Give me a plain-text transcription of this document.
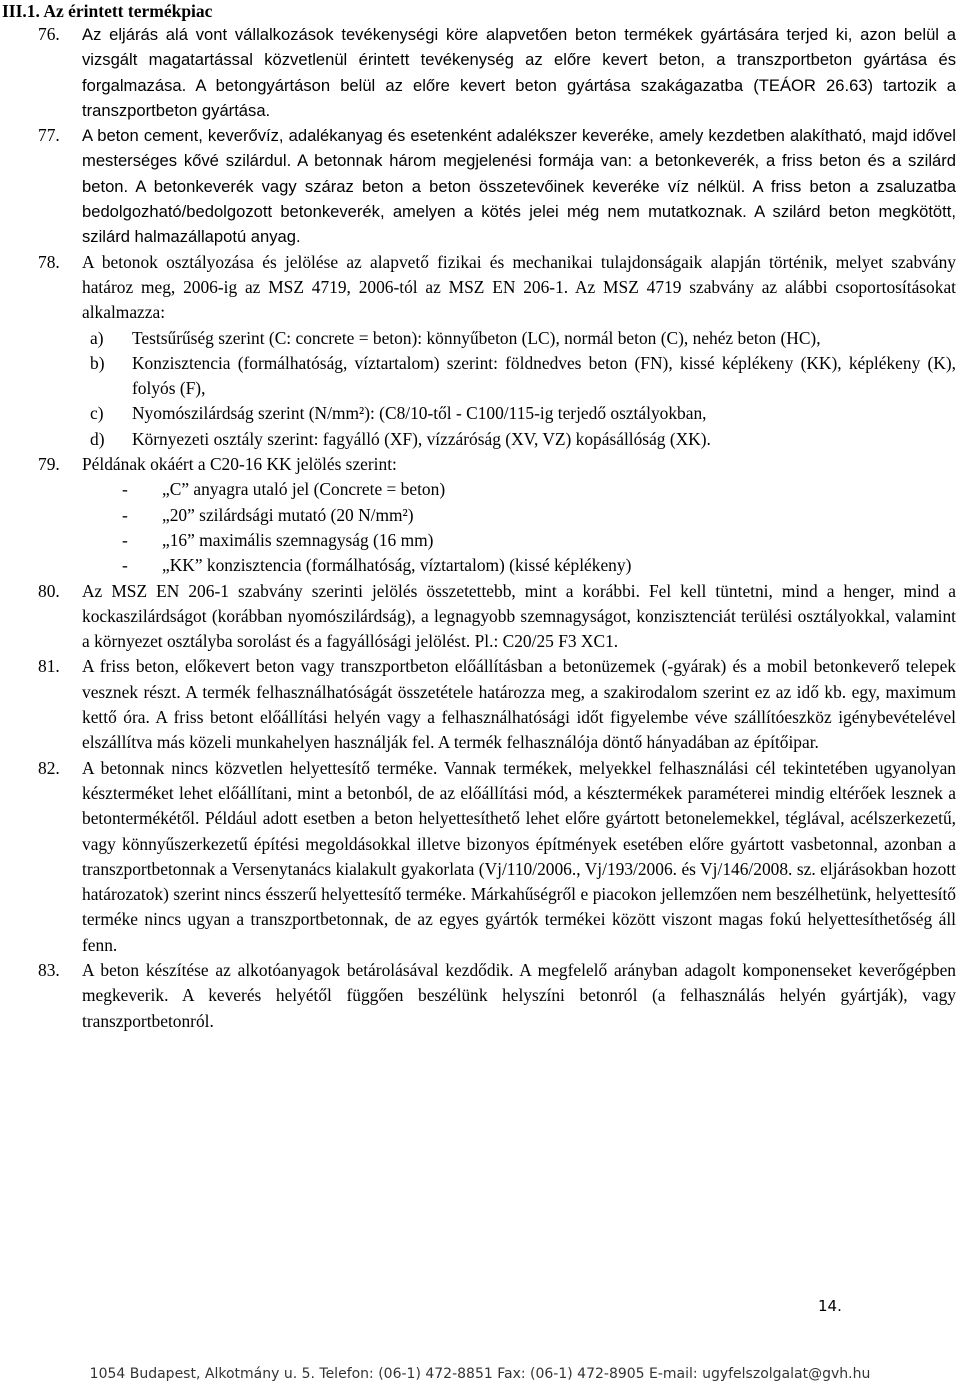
III.1. Az érintett termékpiac
76.	Az eljárás alá vont vállalkozások tevékenységi köre alapvetően beton termékek gyártására terjed ki, azon belül a vizsgált magatartással közvetlenül érintett tevékenység az előre kevert beton, a transzportbeton gyártása és forgalmazása. A betongyártáson belül az előre kevert beton gyártása szakágazatba (TEÁOR 26.63) tartozik a transzportbeton gyártása.
77.	A beton cement, keverővíz, adalékanyag és esetenként adalékszer keveréke, amely kezdetben alakítható, majd idővel mesterséges kővé szilárdul. A betonnak három megjelenési formája van: a betonkeverék, a friss beton és a szilárd beton. A betonkeverék vagy száraz beton a beton összetevőinek keveréke víz nélkül. A friss beton a zsaluzatba bedolgozható/bedolgozott betonkeverék, amelyen a kötés jelei még nem mutatkoznak. A szilárd beton megkötött, szilárd halmazállapotú anyag.
78.	A betonok osztályozása és jelölése az alapvető fizikai és mechanikai tulajdonságaik alapján történik, melyet szabvány határoz meg, 2006-ig az MSZ 4719, 2006-tól az MSZ EN 206-1. Az MSZ 4719 szabvány az alábbi csoportosításokat alkalmazza:
a)	Testsűrűség szerint (C: concrete = beton): könnyűbeton (LC), normál beton (C), nehéz beton (HC),
b)	Konzisztencia (formálhatóság, víztartalom) szerint: földnedves beton (FN), kissé képlékeny (KK), képlékeny (K), folyós (F),
c)	Nyomószilárdság szerint (N/mm²): (C8/10-től - C100/115-ig terjedő osztályokban,
d)	Környezeti osztály szerint: fagyálló (XF), vízzáróság (XV, VZ) kopásállóság (XK).
79.	Példának okáért a C20-16 KK jelölés szerint:
-	„C” anyagra utaló jel (Concrete = beton)
-	„20” szilárdsági mutató (20 N/mm²)
-	„16” maximális szemnagyság (16 mm)
-	„KK” konzisztencia (formálhatóság, víztartalom) (kissé képlékeny)
80.	Az MSZ EN 206-1 szabvány szerinti jelölés összetettebb, mint a korábbi. Fel kell tüntetni, mind a henger, mind a kockaszilárdságot (korábban nyomószilárdság), a legnagyobb szemnagyságot, konzisztenciát terülési osztályokkal, valamint a környezet osztályba sorolást és a fagyállósági jelölést. Pl.: C20/25 F3 XC1.
81.	A friss beton, előkevert beton vagy transzportbeton előállításban a betonüzemek (-gyárak) és a mobil betonkeverő telepek vesznek részt. A termék felhasználhatóságát összetétele határozza meg, a szakirodalom szerint ez az idő kb. egy, maximum kettő óra. A friss betont előállítási helyén vagy a felhasználhatósági időt figyelembe véve szállítóeszköz igénybevételével elszállítva más közeli munkahelyen használják fel. A termék felhasználója döntő hányadában az építőipar.
82.	A betonnak nincs közvetlen helyettesítő terméke. Vannak termékek, melyekkel felhasználási cél tekintetében ugyanolyan készterméket lehet előállítani, mint a betonból, de az előállítási mód, a késztermékek paraméterei mindig eltérőek lesznek a betontermékétől. Például adott esetben a beton helyettesíthető lehet előre gyártott betonelemekkel, téglával, acélszerkezetű, vagy könnyűszerkezetű építési megoldásokkal illetve bizonyos építmények esetében előre gyártott vasbetonnal, azonban a transzportbetonnak a Versenytanács kialakult gyakorlata (Vj/110/2006., Vj/193/2006. és Vj/146/2008. sz. eljárásokban hozott határozatok) szerint nincs ésszerű helyettesítő terméke. Márkahűségről e piacokon jellemzően nem beszélhetünk, helyettesítő terméke nincs ugyan a transzportbetonnak, de az egyes gyártók termékei között viszont magas fokú helyettesíthetőség áll fenn.
83.	A beton készítése az alkotóanyagok betárolásával kezdődik. A megfelelő arányban adagolt komponenseket keverőgépben megkeverik. A keverés helyétől függően beszélünk helyszíni betonról (a felhasználás helyén gyártják), vagy transzportbetonról.
14.
1054 Budapest, Alkotmány u. 5. Telefon: (06-1) 472-8851 Fax: (06-1) 472-8905 E-mail: ugyfelszolgalat@gvh.hu
